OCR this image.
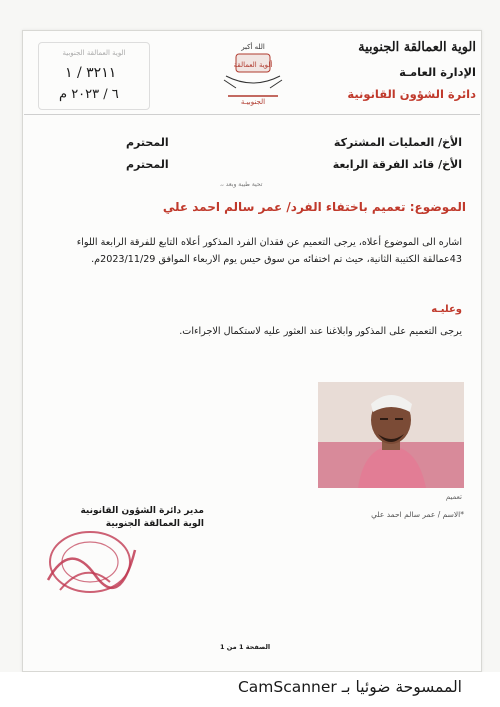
الوية العمالقة الجنوبية
الإدارة العامـة
دائرة الشؤون القانونية
الله أكبر
ألوية العمالقة
الجنوبيـة
الوية العمالقة الجنوبية
٣٢١١ / ١
٦ / ٢٠٢٣ م
الأخ/ العمليات المشتركة
المحترم
الأخ/ قائد الفرقة الرابعة
المحترم
تحية طيبة وبعد ،،
الموضوع: تعميم باختفاء الفرد/ عمر سالم احمد علي
اشاره الى الموضوع أعلاه، يرجى التعميم عن فقدان الفرد المذكور أعلاه التابع للفرقة الرابعة اللواء 43عمالقة الكتيبة الثانية، حيث تم اختفائه من سوق حيس يوم الاربعاء الموافق 2023/11/29م.
وعليـه
يرجى التعميم على المذكور وابلاغنا عند العثور عليه لاستكمال الاجراءات.
تعميم
*الاسم / عمر سالم احمد علي
مدير دائرة الشؤون القانونية
الوية العمالقة الجنوبية
الصفحة 1 من 1
الممسوحة ضوئيا بـ CamScanner
